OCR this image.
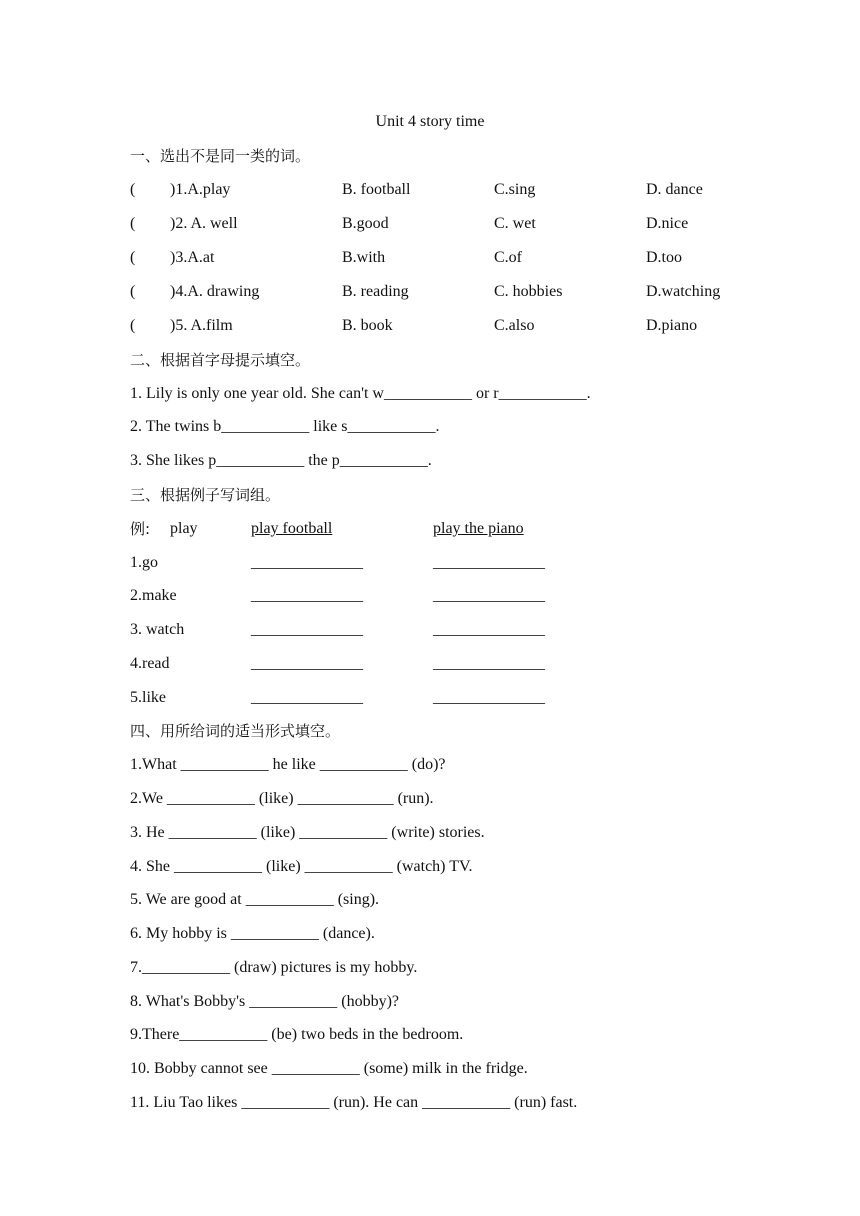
Unit 4 story time
一、选出不是同一类的词。
( )1.A.play	B. football	C.sing	D. dance
( )2. A. well	B.good	C. wet	D.nice
( )3.A.at	B.with	C.of	D.too
( )4.A. drawing	B. reading	C. hobbies	D.watching
( )5. A.film	B. book	C.also	D.piano
二、根据首字母提示填空。
1. Lily is only one year old. She can't w___________ or r___________.
2. The twins b___________ like s___________.
3. She likes p___________ the p___________.
三、根据例子写词组。
例: play	play football	play the piano
1.go	______________	______________
2.make	______________	______________
3. watch	______________	______________
4.read	______________	______________
5.like	______________	______________
四、用所给词的适当形式填空。
1.What ___________ he like ___________ (do)?
2.We ___________ (like) ____________ (run).
3. He ___________ (like) ___________ (write) stories.
4. She ___________ (like) ___________ (watch) TV.
5. We are good at ___________ (sing).
6. My hobby is ___________ (dance).
7.___________ (draw) pictures is my hobby.
8. What's Bobby's ___________ (hobby)?
9.There___________ (be) two beds in the bedroom.
10. Bobby cannot see ___________ (some) milk in the fridge.
11. Liu Tao likes ___________ (run). He can ___________ (run) fast.
